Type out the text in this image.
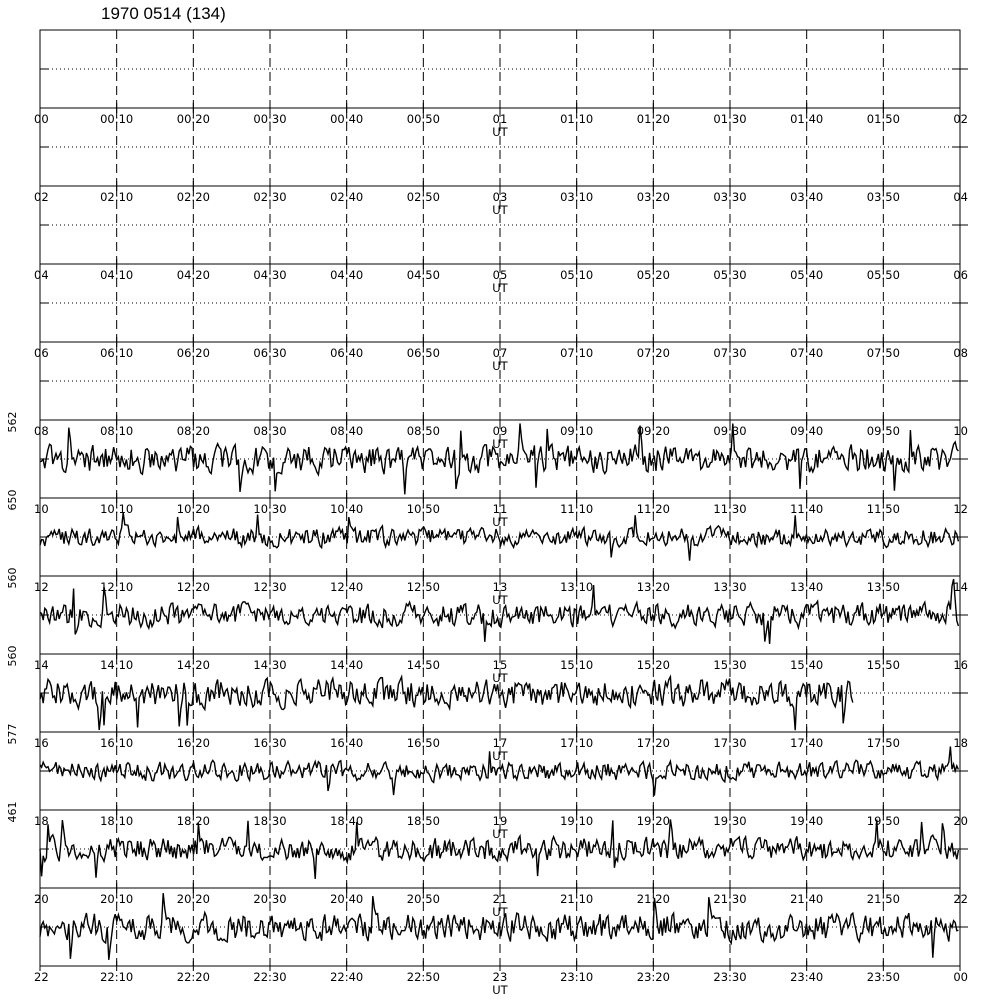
1970 0514 (134)
00	00:10	00:20	00:30	00:40	00:50	01	01:10	01:20	01:30	01:40	01:50	02
UT
02	02:10	02:20	02:30	02:40	02:50	03	03:10	03:20	03:30	03:40	03:50	04
UT
04	04:10	04:20	04:30	04:40	04:50	05	05:10	05:20	05:30	05:40	05:50	06
UT
06	06:10	06:20	06:30	06:40	06:50	07	07:10	07:20	07:30	07:40	07:50	08
UT
08	08:10	08:20	08:30	08:40	08:50	09	09:10	09:20	09:30	09:40	09:50	10
UT
10	10:10	10:20	10:30	10:40	10:50	11	11:10	11:20	11:30	11:40	11:50	12
UT
562
12	12:10	12:20	12:30	12:40	12:50	13	13:10	13:20	13:30	13:40	13:50	14
UT
650
14	14:10	14:20	14:30	14:40	14:50	15	15:10	15:20	15:30	15:40	15:50	16
UT
560
16	16:10	16:20	16:30	16:40	16:50	17	17:10	17:20	17:30	17:40	17:50	18
UT
560
18	18:10	18:20	18:30	18:40	18:50	19	19:10	19:20	19:30	19:40	19:50	20
UT
577
20	20:10	20:20	20:30	20:40	20:50	21	21:10	21:20	21:30	21:40	21:50	22
UT
461
22	22:10	22:20	22:30	22:40	22:50	23	23:10	23:20	23:30	23:40	23:50	00
UT
